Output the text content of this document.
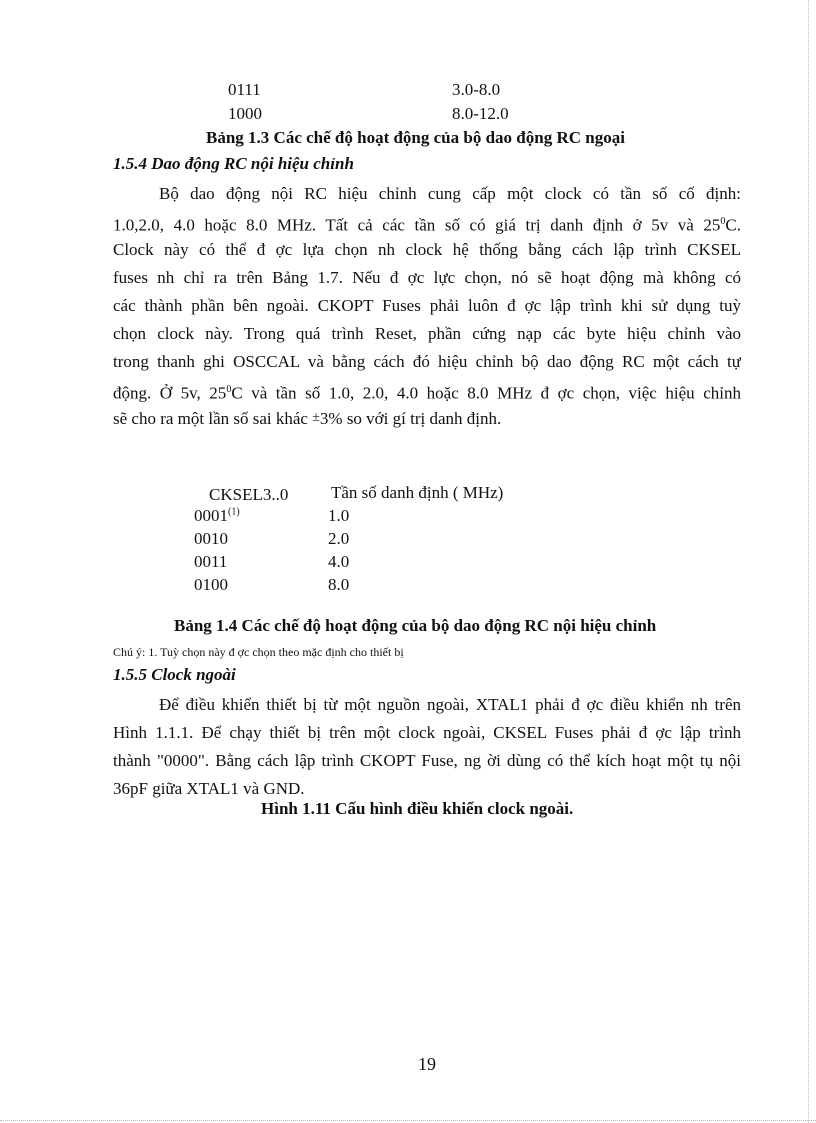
0111	3.0-8.0
1000	8.0-12.0
Bảng 1.3 Các chế độ hoạt động của bộ dao động RC ngoại
1.5.4 Dao động RC nội hiệu chỉnh
Bộ dao động nội RC hiệu chỉnh cung cấp một clock có tần số cố định:
1.0,2.0, 4.0 hoặc 8.0 MHz. Tất cả các tần số có giá trị danh định ở 5v và $25^0C$.
Clock này có thể đ ợc lựa chọn nh clock hệ thống bằng cách lập trình CKSEL
fuses nh chỉ ra trên Bảng 1.7. Nếu đ ợc lực chọn, nó sẽ hoạt động mà không có
các thành phần bên ngoài. CKOPT Fuses phải luôn đ ợc lập trình khi sử dụng tuỳ
chọn clock này. Trong quá trình Reset, phần cứng nạp các byte hiệu chỉnh vào
trong thanh ghi OSCCAL và bằng cách đó hiệu chỉnh bộ dao động RC một cách tự
động. Ở 5v, $25^0C$ và tần số 1.0, 2.0, 4.0 hoặc 8.0 MHz đ ợc chọn, việc hiệu chỉnh
sẽ cho ra một lần số sai khác ±3% so với gí trị danh định.
CKSEL3..0	Tần số danh định ( MHz)
0001$^{(1)}$	1.0
0010	2.0
0011	4.0
0100	8.0
Bảng 1.4 Các chế độ hoạt động của bộ dao động RC nội hiệu chỉnh
Chú ý: 1. Tuỳ chọn này đ ợc chọn theo mặc định cho thiết bị
1.5.5 Clock ngoài
Để điều khiển thiết bị từ một nguồn ngoài, XTAL1 phải đ ợc điều khiển nh trên
Hình 1.1.1. Để chạy thiết bị trên một clock ngoài, CKSEL Fuses phải đ ợc lập trình
thành "0000". Bằng cách lập trình CKOPT Fuse, ng ời dùng có thể kích hoạt một tụ nội
36pF giữa XTAL1 và GND.
Hình 1.11 Cấu hình điều khiển clock ngoài.
19
